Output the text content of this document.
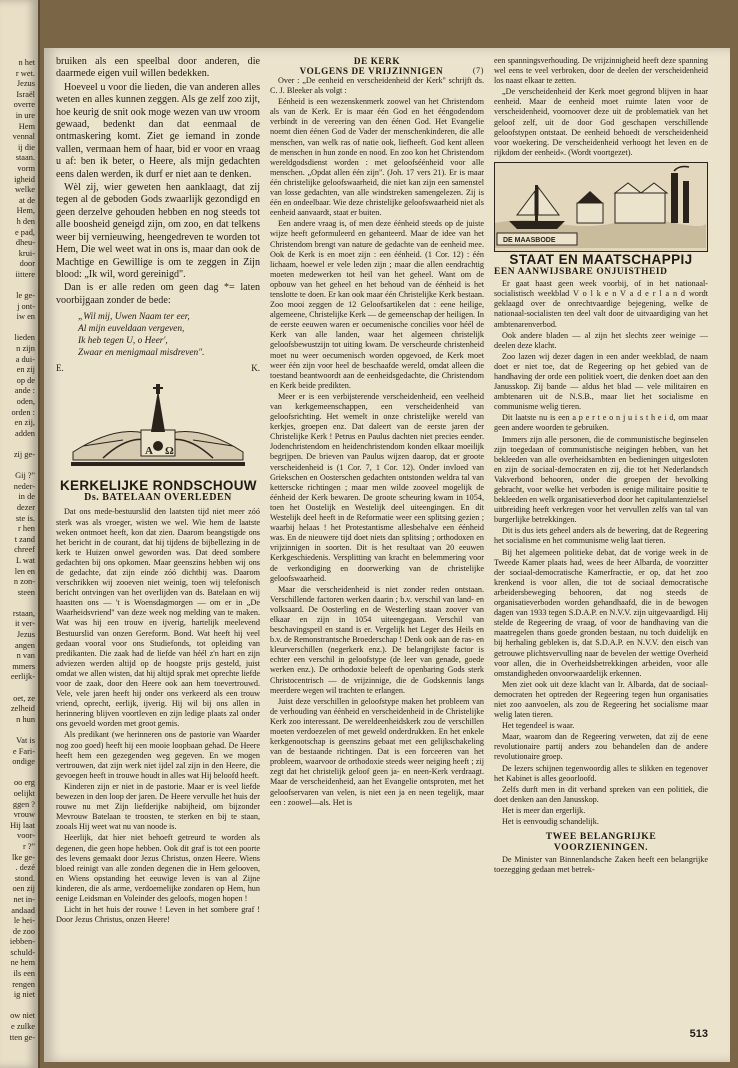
n het
r wet.
Jezus
Israël
overre
in ure
Hem
vennal
ij die
staan.
vorm
igheid
welke
at de
Hem,
h den
e pad,
dheu-
krui-
door
iittere
le ge-
j ont-
iw en
lieden
n zijn
a dui-
en zij
op de
ande :
oden,
orden :
en zij,
adden
zij ge-
Gij ?"
neder-
in de
dezer
ste is.
r hen
t zand
chreef
L wat
len en
n zon-
steen
rstaan,
it ver-
Jezus
angen
n van
mmers
eerlijk-
oet, ze
zelheid
n hun
Vat is
e Fari-
ondige
oo erg
oelijkt
ggen ?
vrouw
Hij laat
voor-
r ?"
lke ge-
. dezé
stond.
oen zij
net in-
andaad
le hei-
de zoo
iebben-
schuld-
ne hem
ils een
rengen
ig niet
ow niet
e zulke
tten ge-

bruiken als een speelbal door anderen, die daarmede eigen vuil willen bedekken.

Hoeveel u voor die lieden, die van anderen alles weten en alles kunnen zeggen. Als ge zelf zoo zijt, hoe keurig de snit ook moge wezen van uw vroom gewaad, bedenkt dan dat eenmaal de ontmaskering komt. Ziet ge iemand in zonde vallen, vermaan hem of haar, bid er voor en vraag u af: ben ik beter, o Heere, als mijn gedachten eens dalen werden, ik durf er niet aan te denken.

Wèl zij, wier geweten hen aanklaagt, dat zij tegen al de geboden Gods zwaarlijk gezondigd en geen derzelve gehouden hebben en nog steeds tot alle boosheid geneigd zijn, om zoo, en dat telkens weer bij vernieuwing, heengedreven te worden tot Hem, Die wel weet wat in ons is, maar dan ook de Machtige en Gewillige is om te zeggen in Zijn blood: „Ik wil, word gereinigd".

Dan is er alle reden om geen dag *= laten voorbijgaan zonder de bede:

„Wil mij, Uwen Naam ter eer,
Al mijn euveldaan vergeven,
Ik heb tegen U, o Heer',
Zwaar en menigmaal misdreven".
E.	K.
A Ω
KERKELIJKE RONDSCHOUW
Ds. BATELAAN OVERLEDEN

Dat ons mede-bestuurslid den laatsten tijd niet meer zóó sterk was als vroeger, wisten we wel. Wie hem de laatste weken ontmoet heeft, kon dat zien. Daarom beangstigde ons het bericht in de courant, dat hij tijdens de bijbellezing in de kerk te Huizen onwel geworden was. Dat deed sombere gedachten bij ons opkomen. Maar geenszins hebben wij ons de gedachte, dat zijn einde zóó dichtbij was. Daarom verschrikken wij zooeven niet weinig, toen wij telefonisch bericht ontvingen van het overlijden van ds. Batelaan en wij haastten ons — 't is Woensdagmorgen — om er in „De Waarheidsvriend" van deze week nog melding van te maken. Wat was hij een trouw en ijverig, hartelijk meelevend Bestuurslid van onzen Gereform. Bond. Wat heeft hij veel gedaan vooral voor ons Studiefonds, tot opleiding van predikanten. Die zaak had de liefde van héél z'n hart en zijn adviezen werden altijd op de hoogste prijs gesteld, juist omdat we allen wisten, dat hij altijd sprak met oprechte liefde voor de zaak, door den Heere ook aan hem toevertrouwd. Vele, vele jaren heeft hij onder ons verkeerd als een trouw vriend, oprecht, eerlijk, ijverig. Hij wil bij ons allen in herinnering blijven voortleven en zijn ledige plaats zal onder ons gevoeld worden met groot gemis.

Als predikant (we herinneren ons de pastorie van Waarder nog zoo goed) heeft hij een mooie loopbaan gehad. De Heere heeft hem een gezegenden weg gegeven. En we mogen vertrouwen, dat zijn werk niet ijdel zal zijn in den Heere, die gevoegen heeft in trouwe houdt in alles wat Hij beloofd heeft.

Kinderen zijn er niet in de pastorie. Maar er is veel liefde bewezen in den loop der jaren. De Heere vervulle het huis der rouwe nu met Zijn liefderijke nabijheid, om bijzonder Mevrouw Batelaan te troosten, te sterken en bij te staan, zooals Hij weet wat nu van noode is.

Heerlijk, dat hier niet behoeft getreurd te worden als degenen, die geen hope hebben. Ook dit graf is tot een poorte des levens gemaakt door Jezus Christus, onzen Heere. Wiens bloed reinigt van alle zonden degenen die in Hem gelooven, en Wiens opstanding het eeuwige leven is van al Zijne kinderen, die als arme, verdoemelijke zondaren op Hem, hun eenige Leidsman en Voleinder des geloofs, mogen hopen !

Licht in het huis der rouwe ! Leven in het sombere graf ! Door Jezus Christus, onzen Heere!

DE KERK
VOLGENS DE VRIJZINNIGEN	(7)

Over : „De eenheid en verscheidenheid der Kerk" schrijft ds. C. J. Bleeker als volgt :

Eénheid is een wezenskenmerk zoowel van het Christendom als van de Kerk. Er is maar één God en het ééngodendom verbindt in de vereering van den éénen God. Het Evangelie noemt dien éénen God de Vader der menschenkinderen, die alle menschen, van welk ras of natie ook, liefheeft. God kent alleen de menschen in hun zonde en nood. En zoo kon het Christendom wereldgodsdienst worden : met geloofséénheid voor alle menschen. „Opdat allen één zijn". (Joh. 17 vers 21). Er is maar één christelijke geloofswaarheid, die niet kan zijn een samenstel van losse gedachten, van alle windstreken samengelezen. Zij is één en ondeelbaar. Wie deze christelijke geloofswaarheid niet als eenheid aanvaardt, staat er buiten.

Een andere vraag is, of men deze éénheid steeds op de juiste wijze heeft geformuleerd en gehanteerd. Maar de idee van het Christendom brengt van nature de gedachte van de eenheid mee. Ook de Kerk is en moet zijn : een éénheid. (1 Cor. 12) : één lichaam, hoewel er vele leden zijn ; maar die allen eendrachtig moeten medewerken tot heil van het geheel. Want om de opbouw van het geheel en het behoud van de éénheid is het tenslotte te doen. Er kan ook maar één Christelijke Kerk bestaan. Zoo mooi zeggen de 12 Geloofsartikelen dat : eene heilige, algemeene, Christelijke Kerk — de gemeenschap der heiligen. In de eerste eeuwen waren er oecumenische concilies voor héél de Kerk van alle landen, waar het algemeen christelijk geloofsbewustzijn tot uiting kwam. De verscheurde christenheid moet nu weer oecumenisch worden opgevoed, de Kerk moet weer één zijn voor heel de beschaafde wereld, omdat alleen die toestand beantwoordt aan de eenheidsgedachte, die Christendom en Kerk beide predikten.

Meer er is een verbijsterende verscheidenheid, een veelheid van kerkgemeenschappen, een verscheidenheid van geloofsrichting. Het wemelt in onze christelijke wereld van kerkjes, groepen enz. Dat daleert van de eerste jaren der Christelijke Kerk ! Petrus en Paulus dachten niet precies eender. Jodenchristendom en heidenchristendom konden elkaar moeilijk begrijpen. De brieven van Paulus wijzen daarop, dat er groote verscheidenheid is (1 Cor. 7, 1 Cor. 12). Onder invloed van Griekschen en Oosterschen gedachten ontstonden weldra tal van ketterscke richtingen ; maar men wilde zooveel mogelijk de éénheid der Kerk bewaren. De groote scheuring kwam in 1054, toen het Oostelijk en Westelijk deel uiteengingen. En dit Westelijk deel heeft in de Reformatie weer een splitsing gezien ; waarbij helaas ! het Protestantisme allesbehalve een éénheid was. En de nieuwere tijd doet niets dan splitsing ; orthodoxen en vrijzinnigen in soorten. Dit is het resultaat van 20 eeuwen Kerkgeschiedenis. Versplitting van kracht en belemmering voor de verkondiging en doorwerking van de christelijke geloofswaarheid.

Maar die verscheidenheid is niet zonder reden ontstaan. Verschillende factoren werken daarin ; b.v. verschil van land- en volksaard. De Oosterling en de Westerling staan zoover van elkaar en zijn in 1054 uiteengegaan. Verschil van beschavingspeil en stand is er. Vergelijk het Leger des Heils en b.v. de Remonstrantsche Broederschap ! Denk ook aan de ras- en kleurverschillen (negerkerk enz.). De belangrijkste factor is echter een verschil in geloofstype (de leer van genade, goede werken enz.). De orthodoxie beleeft de openbaring Gods sterk Christocentrisch — de vrijzinnige, die de Godskennis langs meerdere wegen wil trachten te erlangen.

Juist deze verschillen in geloofstype maken het probleem van de verhouding van éénheid en verscheidenheid in de Christelijke Kerk zoo interessant. De wereldeenheidskerk zou de verschillen moeten verdoezelen of met geweld onderdrukken. En het enkele kerkgenootschap is geenszins gebaat met een gelijkschakeling van de bestaande richtingen. Dat is een forceeren van het probleem, waarvoor de orthodoxie steeds weer neiging heeft ; zij zegt dat het christelijk geloof geen ja- en neen-Kerk verdraagt. Maar de verscheidenheid, aan het Evangelie ontsproten, met het geloofservaren van velen, is niet een ja en neen tegelijk, maar een : zoowel—als. Het is

een spanningsverhouding. De vrijzinnigheid heeft deze spanning wel eens te veel verbroken, door de deelen der verscheidenheid los naast elkaar te zetten.

„De verscheidenheid der Kerk moet gegrond blijven in haar eenheid. Maar de eenheid moet ruimte laten voor de verscheidenheid, voornoover deze uit de problematiek van het geloof zelf, uit de door God geschapen verschillende geloofstypen ontstaat. De eenheid behoedt de verscheidenheid voor woekering. De verscheidenheid verhoogt het leven en de rijkdom der eenheid«. (Wordt voortgezet).

DE MAASBODE
STAAT EN MAATSCHAPPIJ
EEN AANWIJSBARE ONJUISTHEID

Er gaat haast geen week voorbij, of in het nationaal-socialistisch weekblad V o l k e n V a d e r l a n d wordt geklaagd over de onrechtvaardige bejegening, welke de nationaal-socialisten ten deel valt door de uitvaardiging van het ambtenarenverbod.

Ook andere bladen — al zijn het slechts zeer weinige — deelen deze klacht.

Zoo lazen wij dezer dagen in een ander weekblad, de naam doet er niet toe, dat de Regeering op het gebied van de handhaving der orde een politiek voert, die denken doet aan den Janusskop. Zij bande — aldus het blad — vele militairen en ambtenaren uit de N.S.B., maar liet het socialisme en communisme welig tieren.

Dit laatste nu is een a p e r t e o n j u i s t h e i d, om maar geen andere woorden te gebruiken.

Immers zijn alle personen, die de communistische beginselen zijn toegedaan of communistische neigingen hebben, van het bekleeden van alle overheidsambten en bedieningen uitgesloten en zijn de sociaal-democraten en zij, die tot het Nederlandsch Vakverbond behooren, onder die groepen der bevolking gebracht, voor welke het verboden is eenige militaire positie te bekleeden en welk organisatieverbod door het capitulantenzielsel uitbreiding heeft verkregen voor het vervullen zelfs van tal van burgerlijke betrekkingen.

Dit is dus iets geheel anders als de bewering, dat de Regeering het socialisme en het communisme welig laat tieren.

Bij het algemeen politieke debat, dat de vorige week in de Tweede Kamer plaats had, wees de heer Albarda, de voorzitter der sociaal-democratische Kamerfractie, er op, dat het zoo krenkend is voor allen, die tot de sociaal democratische arbeidersbeweging behooren, dat nog steeds de organisatieverboden worden gehandhaafd, die in de bewogen dagen van 1933 tegen S.D.A.P. en N.V.V. zijn uitgevaardigd. Hij stelde de Regeering de vraag, of voor de handhaving van die maatregelen thans goede gronden bestaan, nu toch duidelijk en bij herhaling gebleken is, dat S.D.A.P. en N.V.V. den eisch van getrouwe plichtsvervulling naar de bevelen der wettige Overheid voor allen, die in Overheidsbetrekkingen arbeiden, voor alle omstandigheden onvoorwaardelijk erkennen.

Men ziet ook uit deze klacht van Ir. Albarda, dat de sociaal-democraten het optreden der Regeering tegen hun organisaties niet zoo aanvoelen, als zou de Regeering het socialisme maar welig laten tieren.

Het tegendeel is waar.

Maar, waarom dan de Regeering verweten, dat zij de eene revolutionaire partij anders zou behandelen dan de andere revolutionaire groep.

De lezers schijnen tegenwoordig alles te slikken en tegenover het Kabinet is alles geoorloofd.

Zelfs durft men in dit verband spreken van een politiek, die doet denken aan den Janusskop.

Het is meer dan ergerlijk.

Het is eenvoudig schandelijk.

TWEE BELANGRIJKE
VOORZIENINGEN.

De Minister van Binnenlandsche Zaken heeft een belangrijke toezegging gedaan met betrek-

513
